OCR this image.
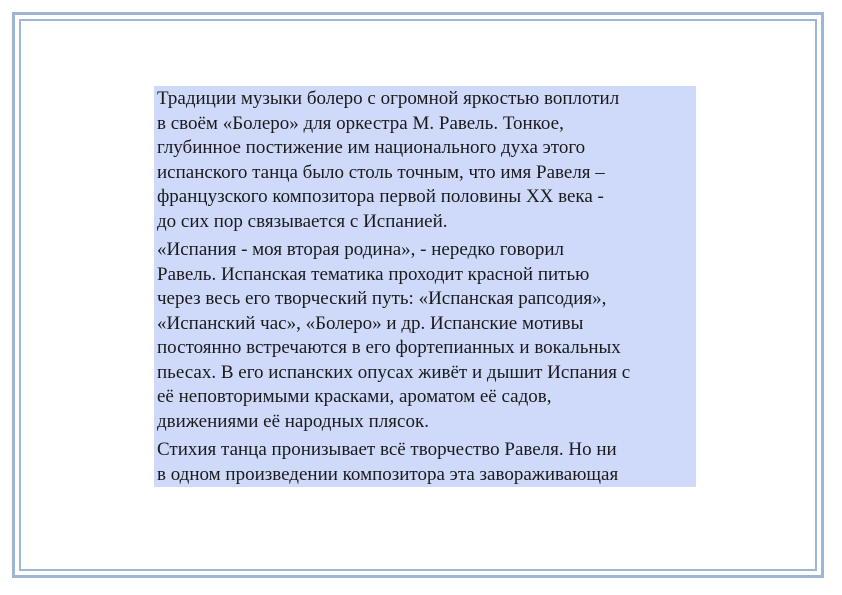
Традиции музыки болеро с огромной яркостью воплотил
в своём «Болеро» для оркестра М. Равель. Тонкое,
глубинное постижение им национального духа этого
испанского танца было столь точным, что имя Равеля –
французского композитора первой половины ХХ века -
до сих пор связывается с Испанией.

«Испания - моя вторая родина», - нередко говорил
Равель. Испанская тематика проходит красной питью
через весь его творческий путь: «Испанская рапсодия»,
«Испанский час», «Болеро» и др. Испанские мотивы
постоянно встречаются в его фортепианных и вокальных
пьесах. В его испанских опусах живёт и дышит Испания с
её неповторимыми красками, ароматом её садов,
движениями её народных плясок.

Стихия танца пронизывает всё творчество Равеля. Но ни
в одном произведении композитора эта завораживающая
